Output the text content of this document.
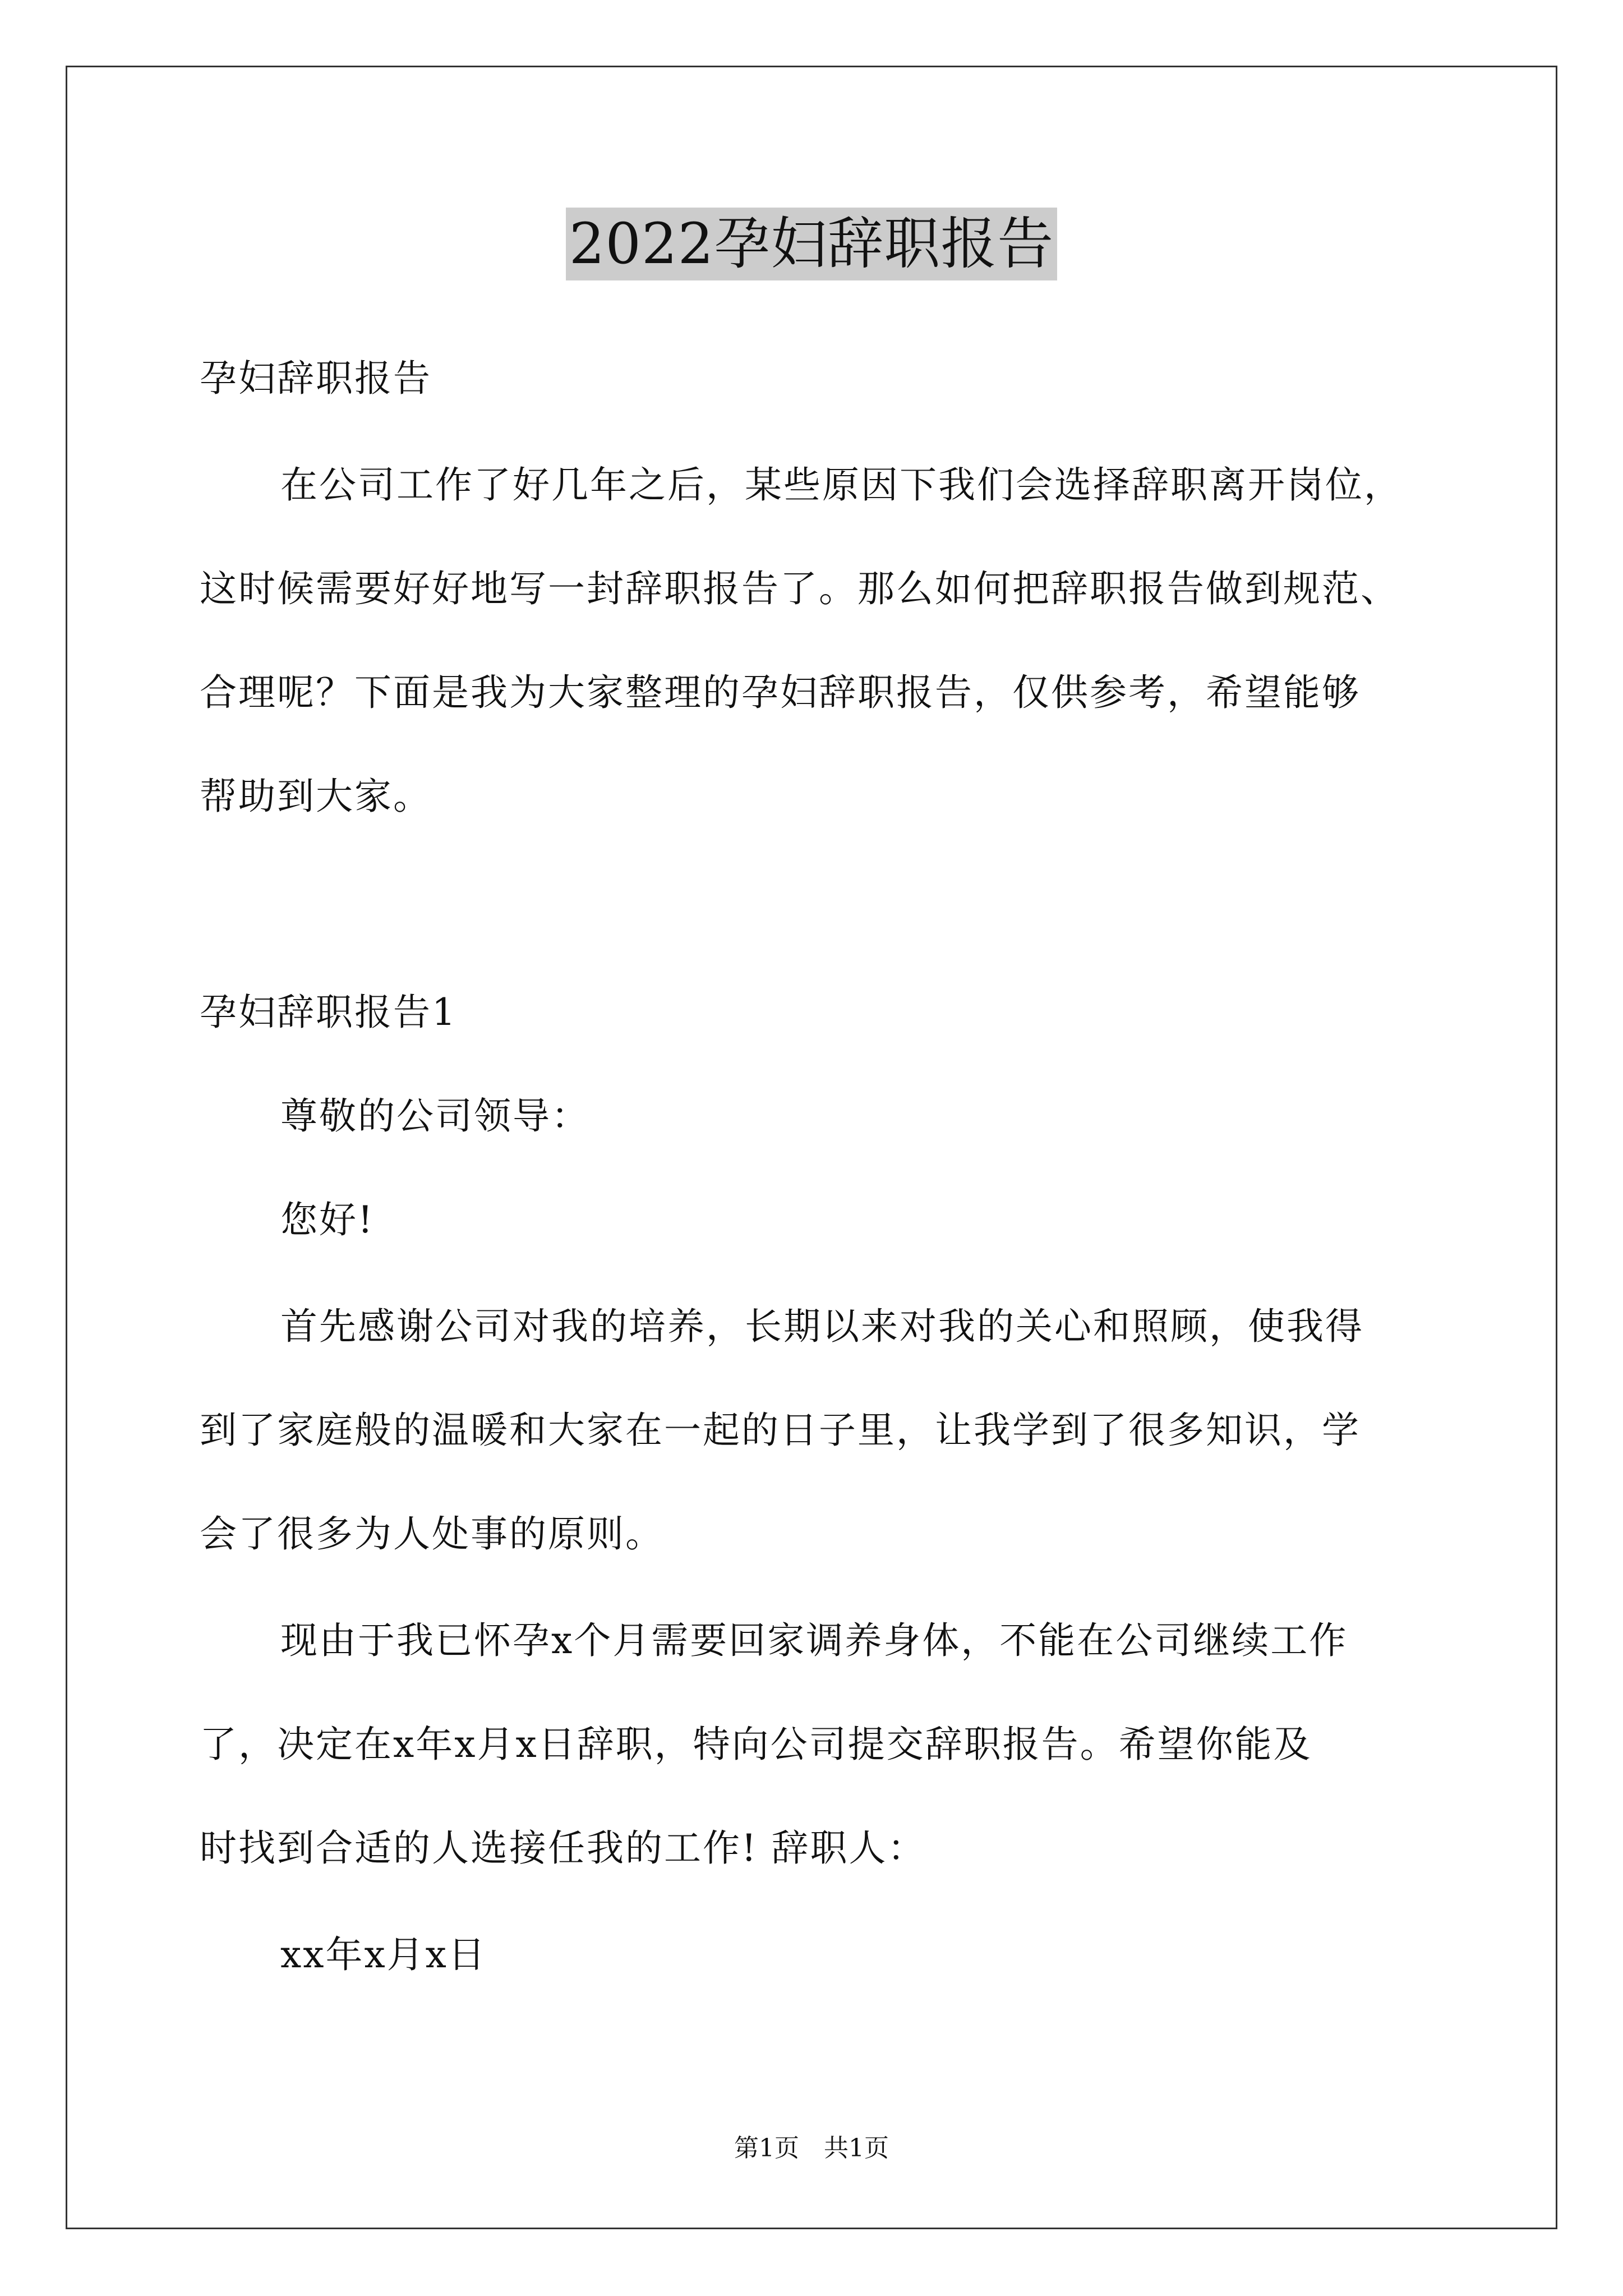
2022孕妇辞职报告
孕妇辞职报告
在公司工作了好几年之后，某些原因下我们会选择辞职离开岗位，
这时候需要好好地写一封辞职报告了。那么如何把辞职报告做到规范、
合理呢？下面是我为大家整理的孕妇辞职报告，仅供参考，希望能够
帮助到大家。
孕妇辞职报告1
尊敬的公司领导：
您好!
首先感谢公司对我的培养，长期以来对我的关心和照顾，使我得
到了家庭般的温暖和大家在一起的日子里，让我学到了很多知识，学
会了很多为人处事的原则。
现由于我已怀孕x个月需要回家调养身体，不能在公司继续工作
了，决定在x年x月x日辞职，特向公司提交辞职报告。希望你能及
时找到合适的人选接任我的工作! 辞职人：
xx年x月x日
第1页　共1页
